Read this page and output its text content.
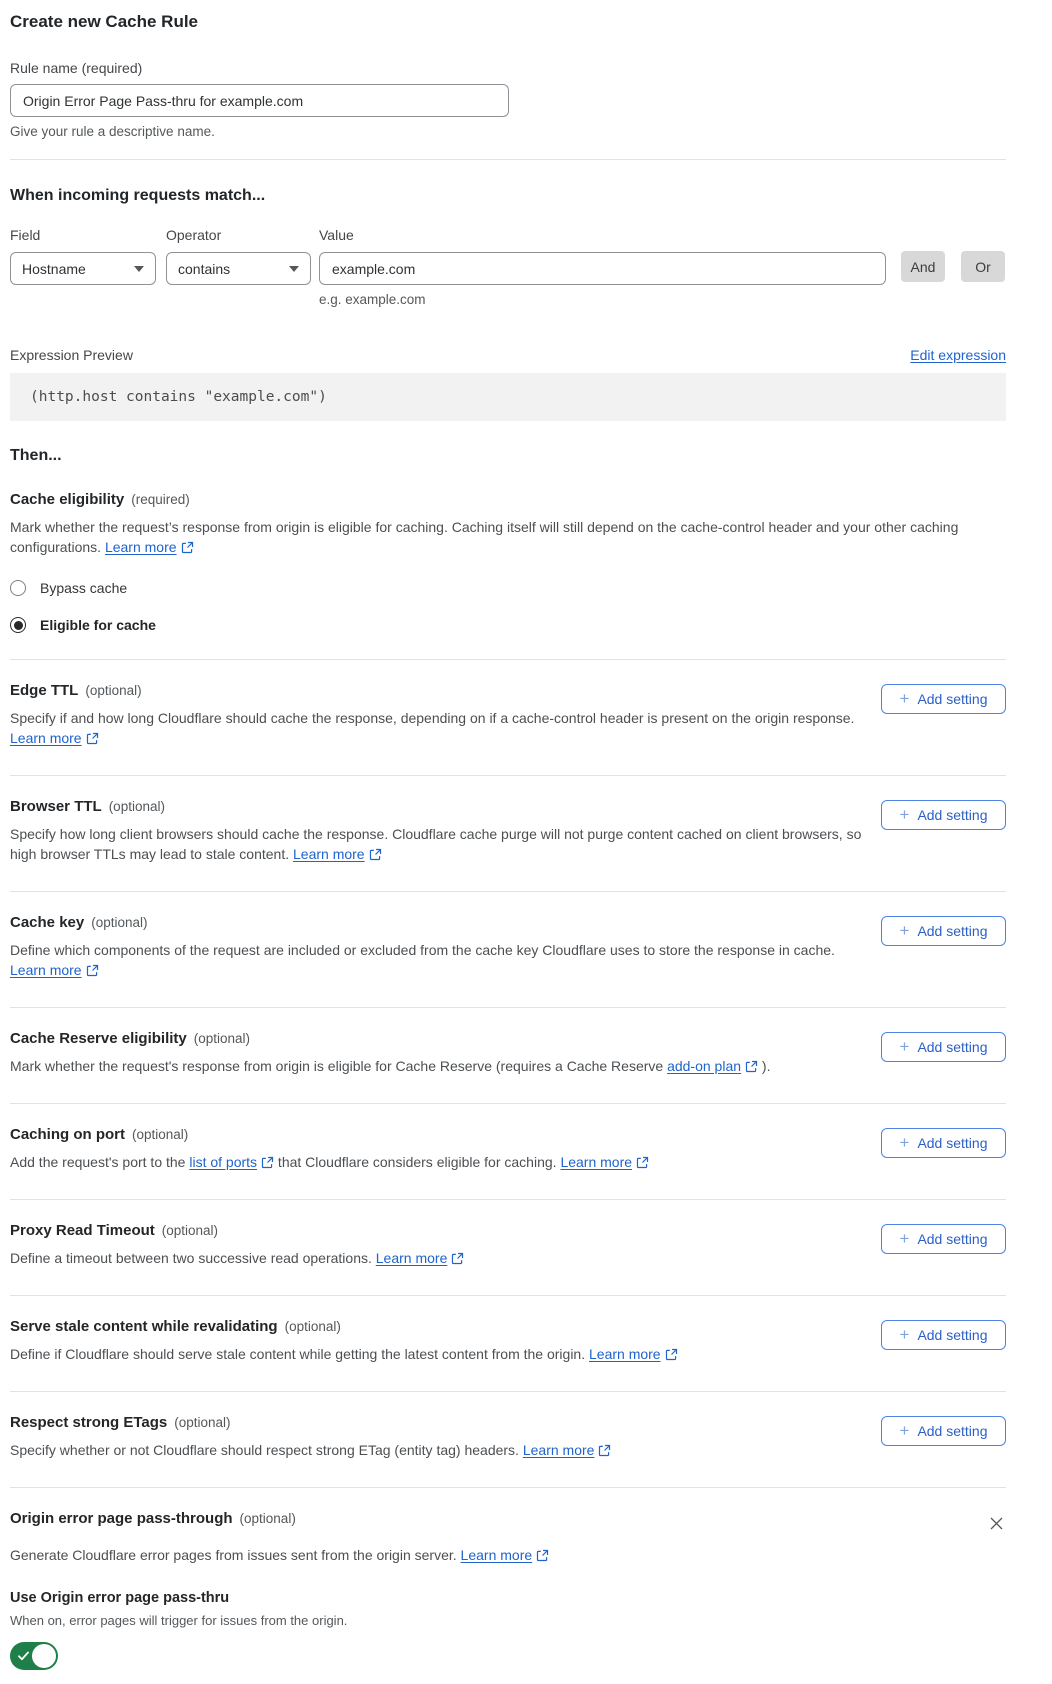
Create new Cache Rule
Rule name (required)
Origin Error Page Pass-thru for example.com
Give your rule a descriptive name.
When incoming requests match...
Field
Hostname
Operator
contains
Value
example.com
e.g. example.com
And	Or
Expression Preview	Edit expression
(http.host contains "example.com")
Then...
Cache eligibility (required)

Mark whether the request’s response from origin is eligible for caching. Caching itself will still depend on the cache-control header and your other caching configurations. Learn more

Bypass cache
Eligible for cache
Edge TTL (optional)

Specify if and how long Cloudflare should cache the response, depending on if a cache-control header is present on the origin response. Learn more

+ Add setting
Browser TTL (optional)

Specify how long client browsers should cache the response. Cloudflare cache purge will not purge content cached on client browsers, so high browser TTLs may lead to stale content. Learn more

+ Add setting
Cache key (optional)

Define which components of the request are included or excluded from the cache key Cloudflare uses to store the response in cache. Learn more

+ Add setting
Cache Reserve eligibility (optional)

Mark whether the request's response from origin is eligible for Cache Reserve (requires a Cache Reserve add-on plan
).

+ Add setting
Caching on port (optional)

Add the request's port to the list of ports
that Cloudflare considers eligible for caching. Learn more

+ Add setting
Proxy Read Timeout (optional)

Define a timeout between two successive read operations. Learn more

+ Add setting
Serve stale content while revalidating (optional)

Define if Cloudflare should serve stale content while getting the latest content from the origin. Learn more

+ Add setting
Respect strong ETags (optional)

Specify whether or not Cloudflare should respect strong ETag (entity tag) headers. Learn more

+ Add setting
Origin error page pass-through (optional)

Generate Cloudflare error pages from issues sent from the origin server. Learn more

Use Origin error page pass-thru
When on, error pages will trigger for issues from the origin.
